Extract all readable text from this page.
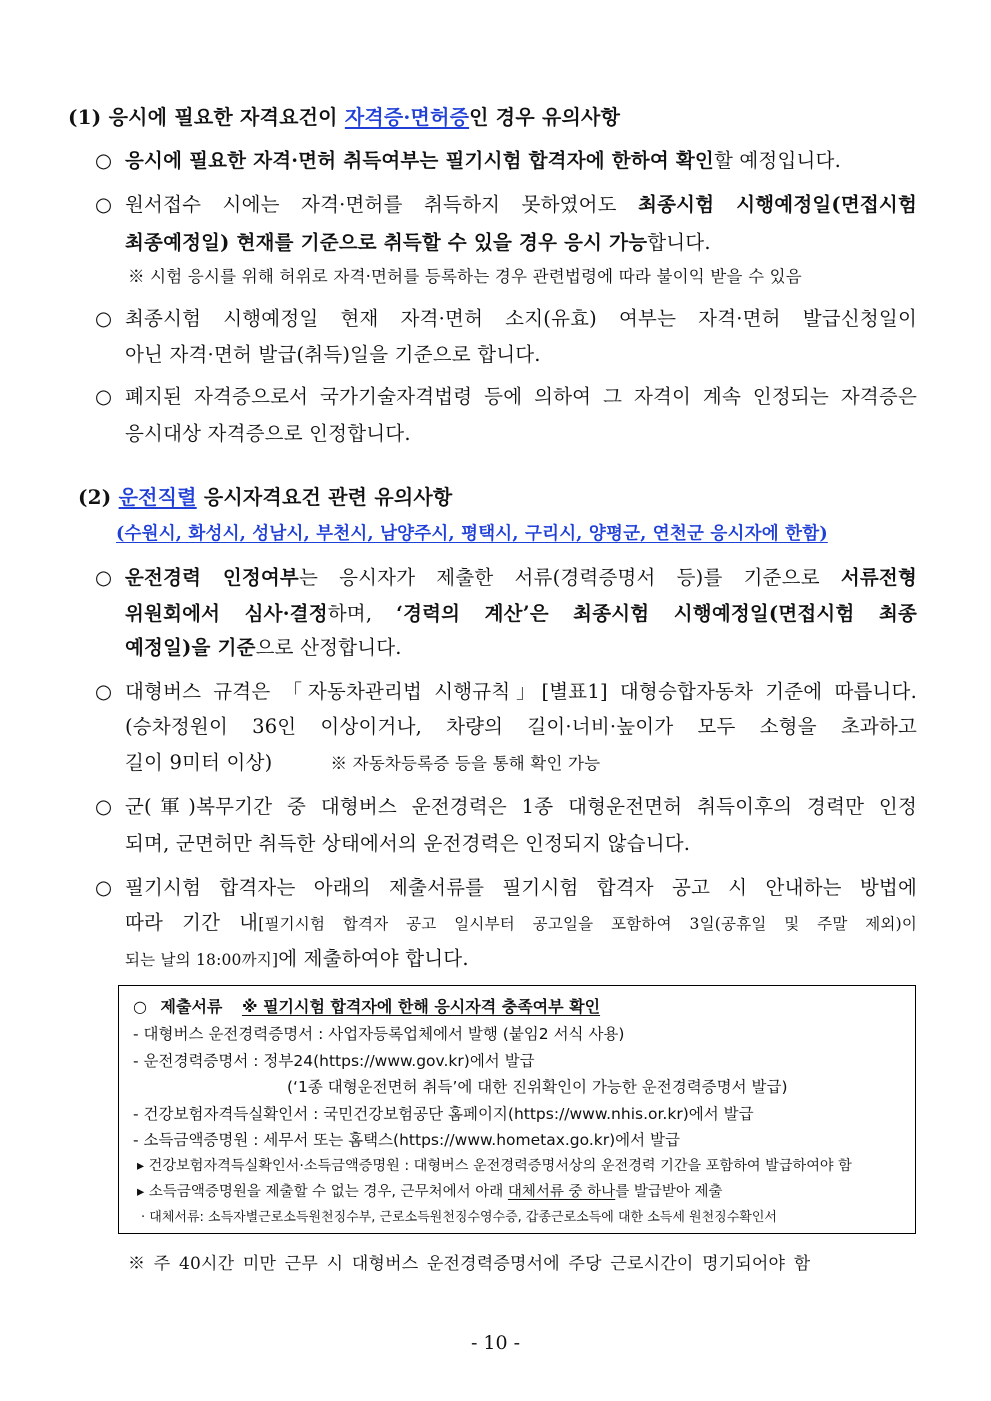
(1) 응시에 필요한 자격요건이 자격증·면허증인 경우 유의사항
○ 응시에 필요한 자격·면허 취득여부는 필기시험 합격자에 한하여 확인할 예정입니다.
○ 원서접수 시에는 자격·면허를 취득하지 못하였어도 최종시험 시행예정일(면접시험
최종예정일) 현재를 기준으로 취득할 수 있을 경우 응시 가능합니다.
※ 시험 응시를 위해 허위로 자격·면허를 등록하는 경우 관련법령에 따라 불이익 받을 수 있음
○ 최종시험 시행예정일 현재 자격·면허 소지(유효) 여부는 자격·면허 발급신청일이
아닌 자격·면허 발급(취득)일을 기준으로 합니다.
○ 폐지된 자격증으로서 국가기술자격법령 등에 의하여 그 자격이 계속 인정되는 자격증은
응시대상 자격증으로 인정합니다.
(2) 운전직렬 응시자격요건 관련 유의사항
(수원시, 화성시, 성남시, 부천시, 남양주시, 평택시, 구리시, 양평군, 연천군 응시자에 한함)
○ 운전경력 인정여부는 응시자가 제출한 서류(경력증명서 등)를 기준으로 서류전형
위원회에서 심사·결정하며, ‘경력의 계산’은 최종시험 시행예정일(면접시험 최종
예정일)을 기준으로 산정합니다.
○ 대형버스 규격은 「자동차관리법 시행규칙」[별표1] 대형승합자동차 기준에 따릅니다.
(승차정원이 36인 이상이거나, 차량의 길이·너비·높이가 모두 소형을 초과하고
길이 9미터 이상)	※ 자동차등록증 등을 통해 확인 가능
○ 군(軍)복무기간 중 대형버스 운전경력은 1종 대형운전면허 취득이후의 경력만 인정
되며, 군면허만 취득한 상태에서의 운전경력은 인정되지 않습니다.
○ 필기시험 합격자는 아래의 제출서류를 필기시험 합격자 공고 시 안내하는 방법에
따라 기간 내[필기시험 합격자 공고 일시부터 공고일을 포함하여 3일(공휴일 및 주말 제외)이
되는 날의 18:00까지]에 제출하여야 합니다.
○ 제출서류 ※ 필기시험 합격자에 한해 응시자격 충족여부 확인
- 대형버스 운전경력증명서 : 사업자등록업체에서 발행 (붙임2 서식 사용)
- 운전경력증명서 : 정부24(https://www.gov.kr)에서 발급
(‘1종 대형운전면허 취득’에 대한 진위확인이 가능한 운전경력증명서 발급)
- 건강보험자격득실확인서 : 국민건강보험공단 홈페이지(https://www.nhis.or.kr)에서 발급
- 소득금액증명원 : 세무서 또는 홈택스(https://www.hometax.go.kr)에서 발급
▸ 건강보험자격득실확인서·소득금액증명원 : 대형버스 운전경력증명서상의 운전경력 기간을 포함하여 발급하여야 함
▸ 소득금액증명원을 제출할 수 없는 경우, 근무처에서 아래 대체서류 중 하나를 발급받아 제출
· 대체서류: 소득자별근로소득원천징수부, 근로소득원천징수영수증, 갑종근로소득에 대한 소득세 원천징수확인서
※ 주 40시간 미만 근무 시 대형버스 운전경력증명서에 주당 근로시간이 명기되어야 함
- 10 -
